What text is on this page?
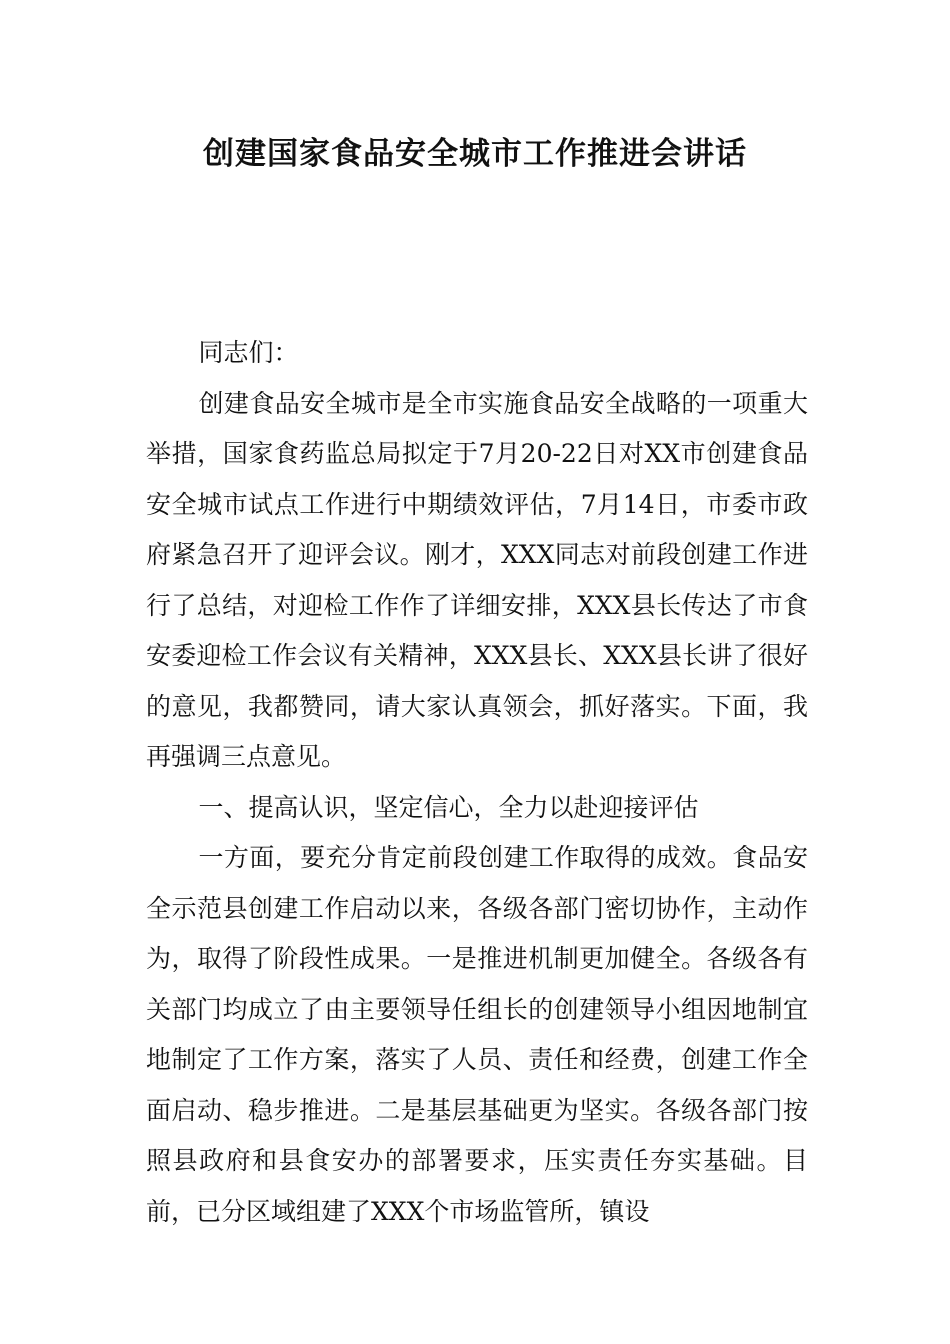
创建国家食品安全城市工作推进会讲话

同志们：

创建食品安全城市是全市实施食品安全战略的一项重大举措，国家食药监总局拟定于7月20-22日对XX市创建食品安全城市试点工作进行中期绩效评估，7月14日，市委市政府紧急召开了迎评会议。刚才，XXX同志对前段创建工作进行了总结，对迎检工作作了详细安排，XXX县长传达了市食安委迎检工作会议有关精神，XXX县长、XXX县长讲了很好的意见，我都赞同，请大家认真领会，抓好落实。下面，我再强调三点意见。

一、提高认识，坚定信心，全力以赴迎接评估

一方面，要充分肯定前段创建工作取得的成效。食品安全示范县创建工作启动以来，各级各部门密切协作，主动作为，取得了阶段性成果。一是推进机制更加健全。各级各有关部门均成立了由主要领导任组长的创建领导小组因地制宜地制定了工作方案，落实了人员、责任和经费，创建工作全面启动、稳步推进。二是基层基础更为坚实。各级各部门按照县政府和县食安办的部署要求，压实责任夯实基础。目前，已分区域组建了XXX个市场监管所，镇设
